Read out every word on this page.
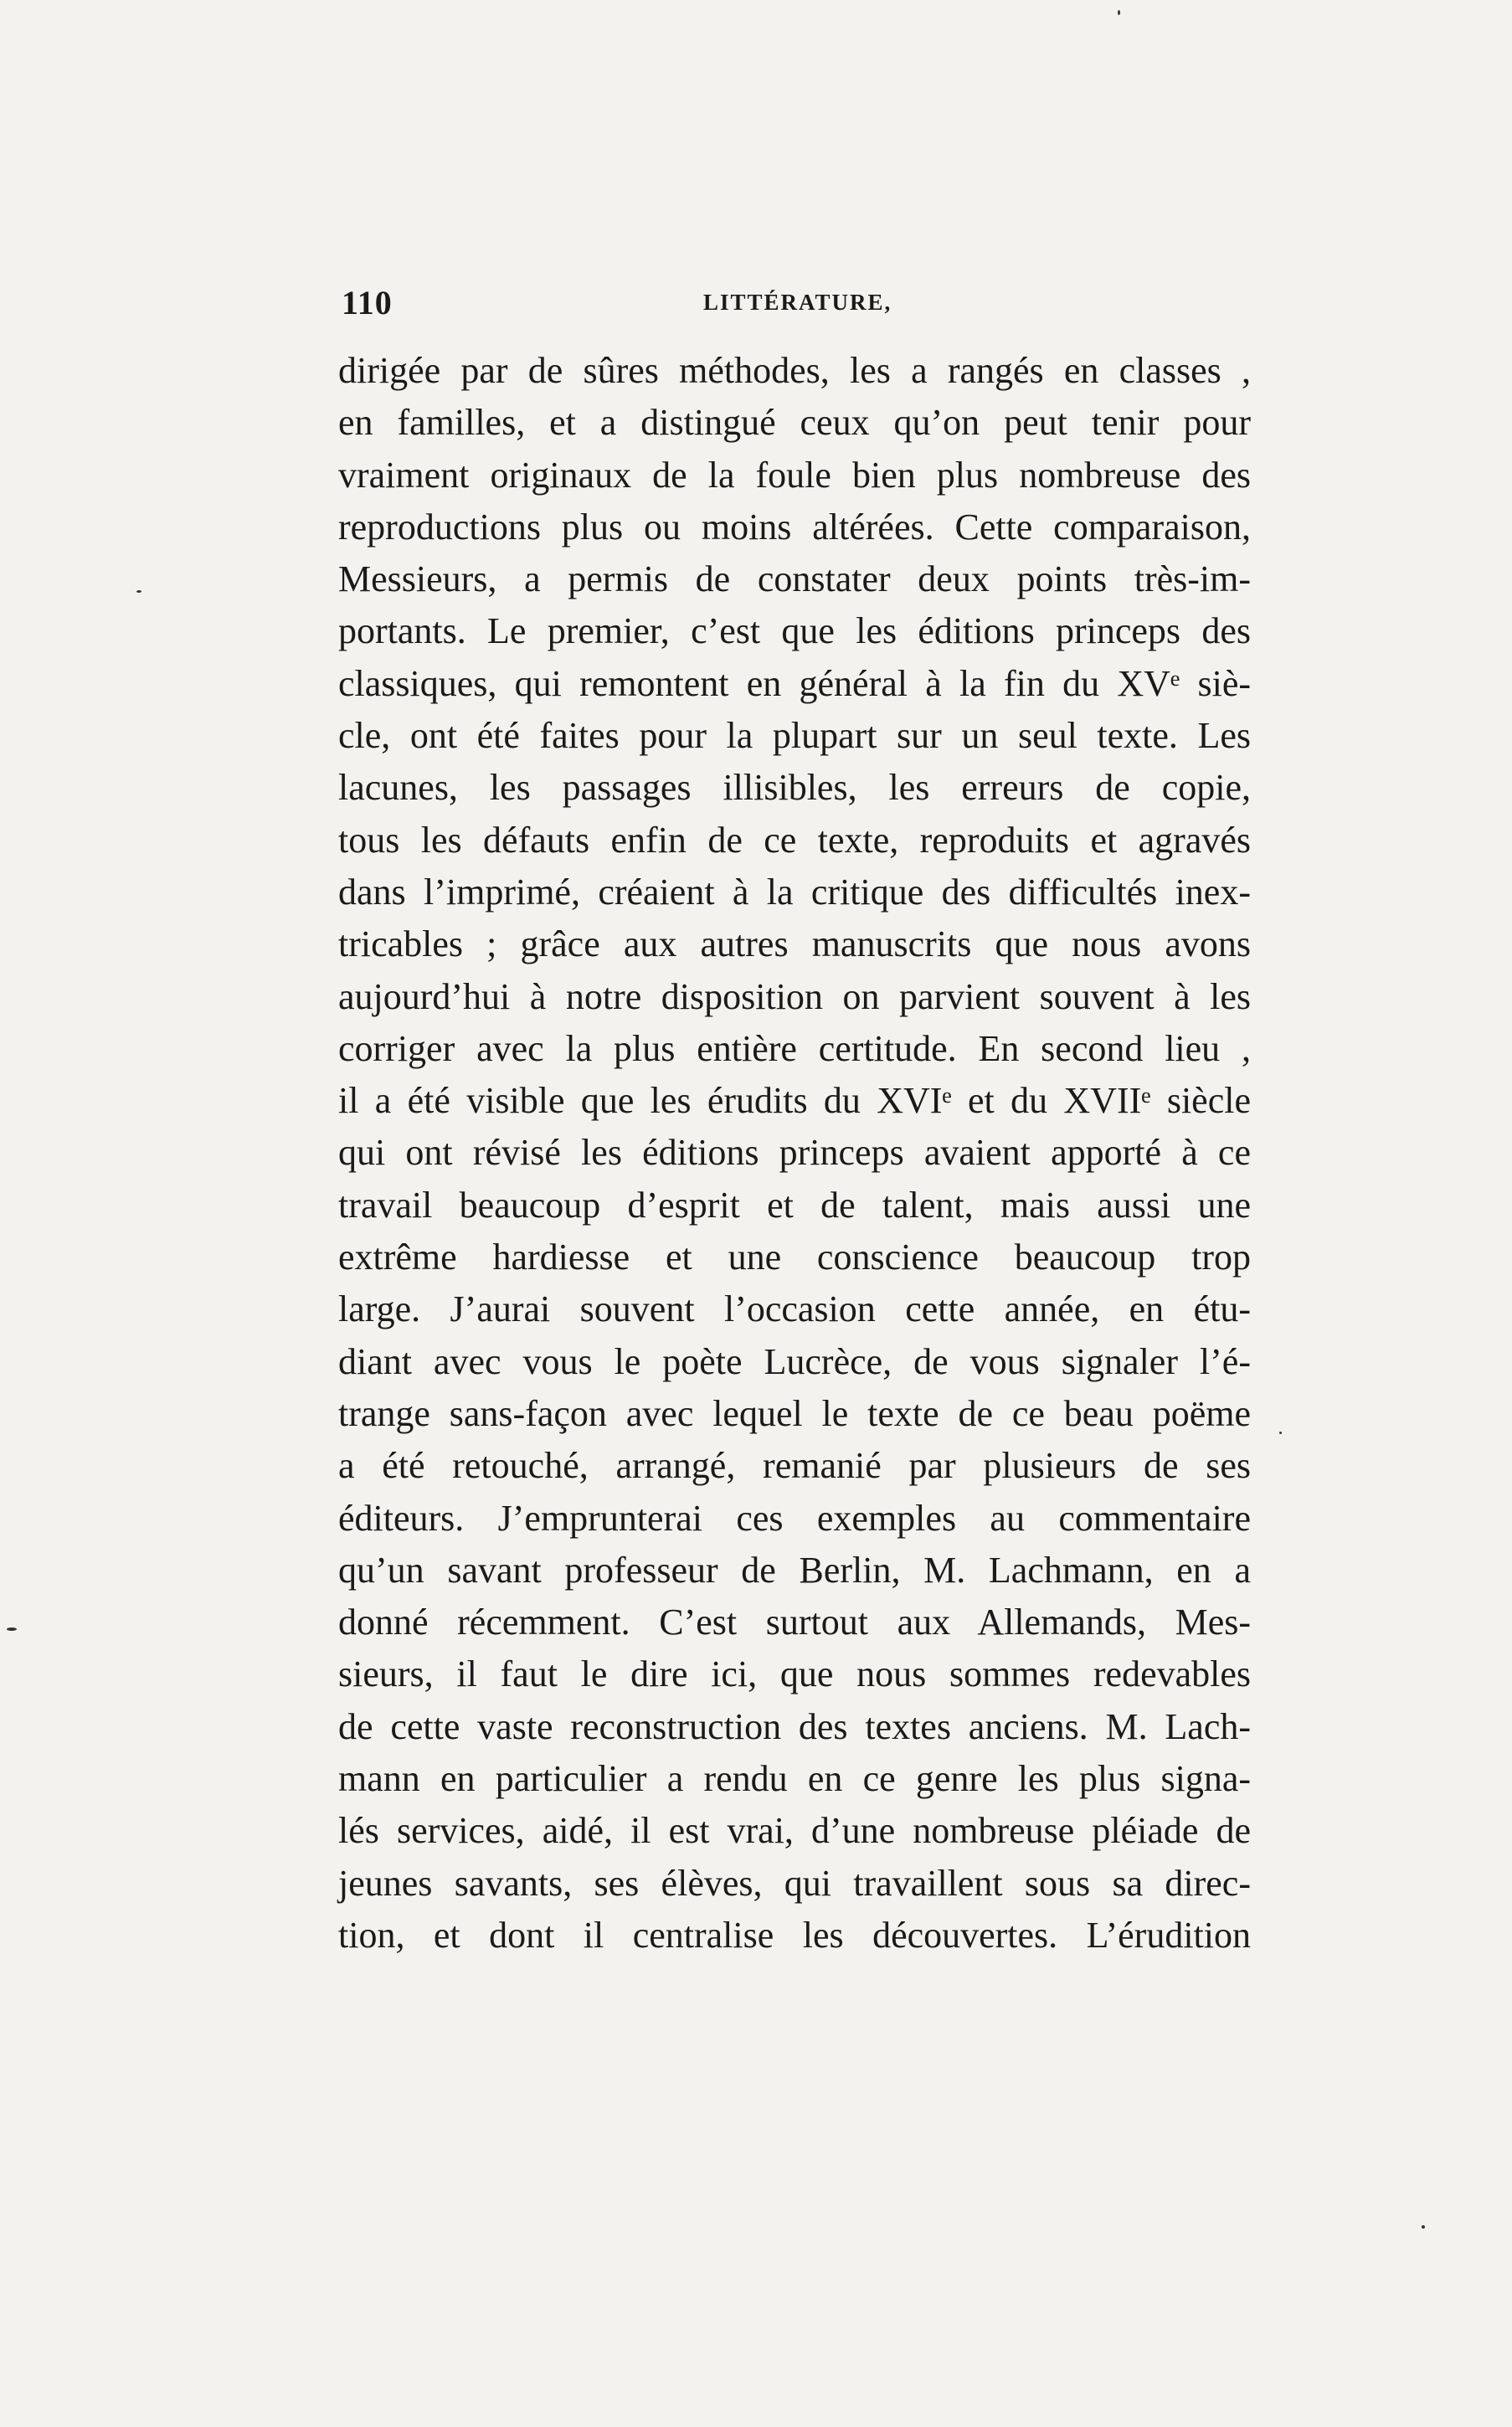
110	LITTÉRATURE,
dirigée par de sûres méthodes, les a rangés en classes ,
en familles, et a distingué ceux qu’on peut tenir pour
vraiment originaux de la foule bien plus nombreuse des
reproductions plus ou moins altérées. Cette comparaison,
Messieurs, a permis de constater deux points très-im-
portants. Le premier, c’est que les éditions princeps des
classiques, qui remontent en général à la fin du XVᵉ siè-
cle, ont été faites pour la plupart sur un seul texte. Les
lacunes, les passages illisibles, les erreurs de copie,
tous les défauts enfin de ce texte, reproduits et agravés
dans l’imprimé, créaient à la critique des difficultés inex-
tricables ; grâce aux autres manuscrits que nous avons
aujourd’hui à notre disposition on parvient souvent à les
corriger avec la plus entière certitude. En second lieu ,
il a été visible que les érudits du XVIᵉ et du XVIIᵉ siècle
qui ont révisé les éditions princeps avaient apporté à ce
travail beaucoup d’esprit et de talent, mais aussi une
extrême hardiesse et une conscience beaucoup trop
large. J’aurai souvent l’occasion cette année, en étu-
diant avec vous le poète Lucrèce, de vous signaler l’é-
trange sans-façon avec lequel le texte de ce beau poëme
a été retouché, arrangé, remanié par plusieurs de ses
éditeurs. J’emprunterai ces exemples au commentaire
qu’un savant professeur de Berlin, M. Lachmann, en a
donné récemment. C’est surtout aux Allemands, Mes-
sieurs, il faut le dire ici, que nous sommes redevables
de cette vaste reconstruction des textes anciens. M. Lach-
mann en particulier a rendu en ce genre les plus signa-
lés services, aidé, il est vrai, d’une nombreuse pléiade de
jeunes savants, ses élèves, qui travaillent sous sa direc-
tion, et dont il centralise les découvertes. L’érudition
